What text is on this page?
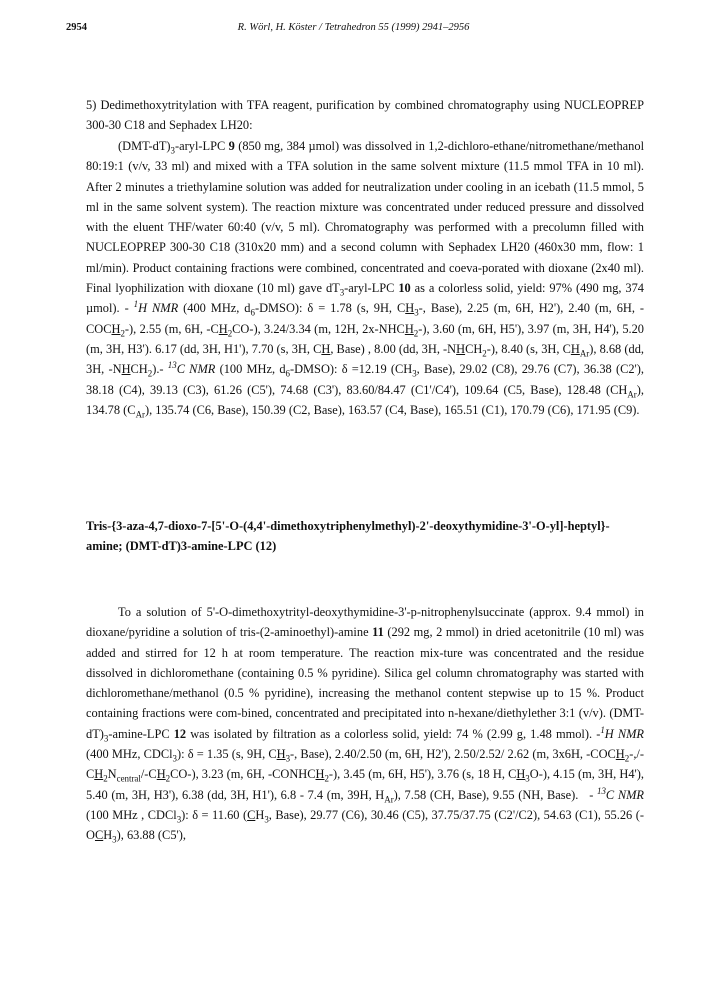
2954	R. Wörl, H. Köster / Tetrahedron 55 (1999) 2941–2956

5) Dedimethoxytritylation with TFA reagent, purification by combined chromatography using NUCLEOPREP 300-30 C18 and Sephadex LH20:

$(DMT-dT)_3-aryl$-LPC 9 (850 mg, 384 µmol) was dissolved in 1,2-dichloro-ethane/nitromethane/methanol 80:19:1 (v/v, 33 ml) and mixed with a TFA solution in the same solvent mixture (11.5 mmol TFA in 10 ml). After 2 minutes a triethylamine solution was added for neutralization under cooling in an icebath (11.5 mmol, 5 ml in the same solvent system). The reaction mixture was concentrated under reduced pressure and dissolved with the eluent THF/water 60:40 (v/v, 5 ml). Chromatography was performed with a precolumn filled with NUCLEOPREP 300-30 C18 (310x20 mm) and a second column with Sephadex LH20 (460x30 mm, flow: 1 ml/min). Product containing fractions were combined, concentrated and coeva-porated with dioxane (2x40 ml). Final lyophilization with dioxane (10 ml) gave $dT_3-aryl$-LPC 10 as a colorless solid, yield: 97% (490 mg, 374 µmol). - $^1$H NMR (400 MHz, $d_6-DMSO$): δ = 1.78 (s, 9H, $CH_3-$, Base), 2.25 (m, 6H, H2'), 2.40 (m, 6H, $-COCH_2-$), 2.55 (m, 6H, $-CH_2CO-$), 3.24/3.34 (m, 12H, $2x-NHCH_2-$), 3.60 (m, 6H, H5'), 3.97 (m, 3H, H4'), 5.20 (m, 3H, H3'). 6.17 (dd, 3H, H1'), 7.70 (s, 3H, CH, Base) , 8.00 (dd, 3H, $-NHCH_2-$), 8.40 (s, 3H, $CH_{Ar}$), 8.68 (dd, 3H, $-NHCH_2).-$ $^{13}$C NMR (100 MHz, $d_6-DMSO$): δ =12.19 ($CH_3$, Base), 29.02 (C8), 29.76 (C7), 36.38 (C2'), 38.18 (C4), 39.13 (C3), 61.26 (C5'), 74.68 (C3'), 83.60/84.47 (C1'/C4'), 109.64 (C5, Base), 128.48 $(CH_{Ar})$, 134.78 $(C_{Ar})$, 135.74 (C6, Base), 150.39 (C2, Base), 163.57 (C4, Base), 165.51 (C1), 170.79 (C6), 171.95 (C9).

Tris-{3-aza-4,7-dioxo-7-[5'-O-(4,4'-dimethoxytriphenylmethyl)-2'-deoxythymidine-3'-O-yl]-heptyl}-amine; (DMT-dT)3-amine-LPC (12)

To a solution of 5'-O-dimethoxytrityl-deoxythymidine-3'-p-nitrophenylsuccinate (approx. 9.4 mmol) in dioxane/pyridine a solution of tris-(2-aminoethyl)-amine 11 (292 mg, 2 mmol) in dried acetonitrile (10 ml) was added and stirred for 12 h at room temperature. The reaction mix-ture was concentrated and the residue dissolved in dichloromethane (containing 0.5 % pyridine). Silica gel column chromatography was started with dichloromethane/methanol (0.5 % pyridine), increasing the methanol content stepwise up to 15 %. Product containing fractions were com-bined, concentrated and precipitated into n-hexane/diethylether 3:1 (v/v). $(DMT-dT)_3-amine$-LPC 12 was isolated by filtration as a colorless solid, yield: 74 % (2.99 g, 1.48 mmol). -$^1$H NMR (400 MHz, CDCl$_3$): δ = 1.35 (s, 9H, $CH_3-$, Base), 2.40/2.50 (m, 6H, H2'), 2.50/2.52/ 2.62 (m, 3x6H, $-COCH_2-,/-CH_2N_{central}/-CH_2CO-$), 3.23 (m, 6H, $-CONHCH_2-$), 3.45 (m, 6H, H5'), 3.76 (s, 18 H, $CH_3O-$), 4.15 (m, 3H, H4'), 5.40 (m, 3H, H3'), 6.38 (dd, 3H, H1'), 6.8 - 7.4 (m, 39H, $H_{Ar}$), 7.58 (CH, Base), 9.55 (NH, Base).   - $^{13}$C NMR (100 MHz , CDCl$_3$): δ = 11.60 ($CH_3$, Base), 29.77 (C6), 30.46 (C5), 37.75/37.75 (C2'/C2), 54.63 (C1), 55.26 $(-OCH_3)$, 63.88 (C5'),
